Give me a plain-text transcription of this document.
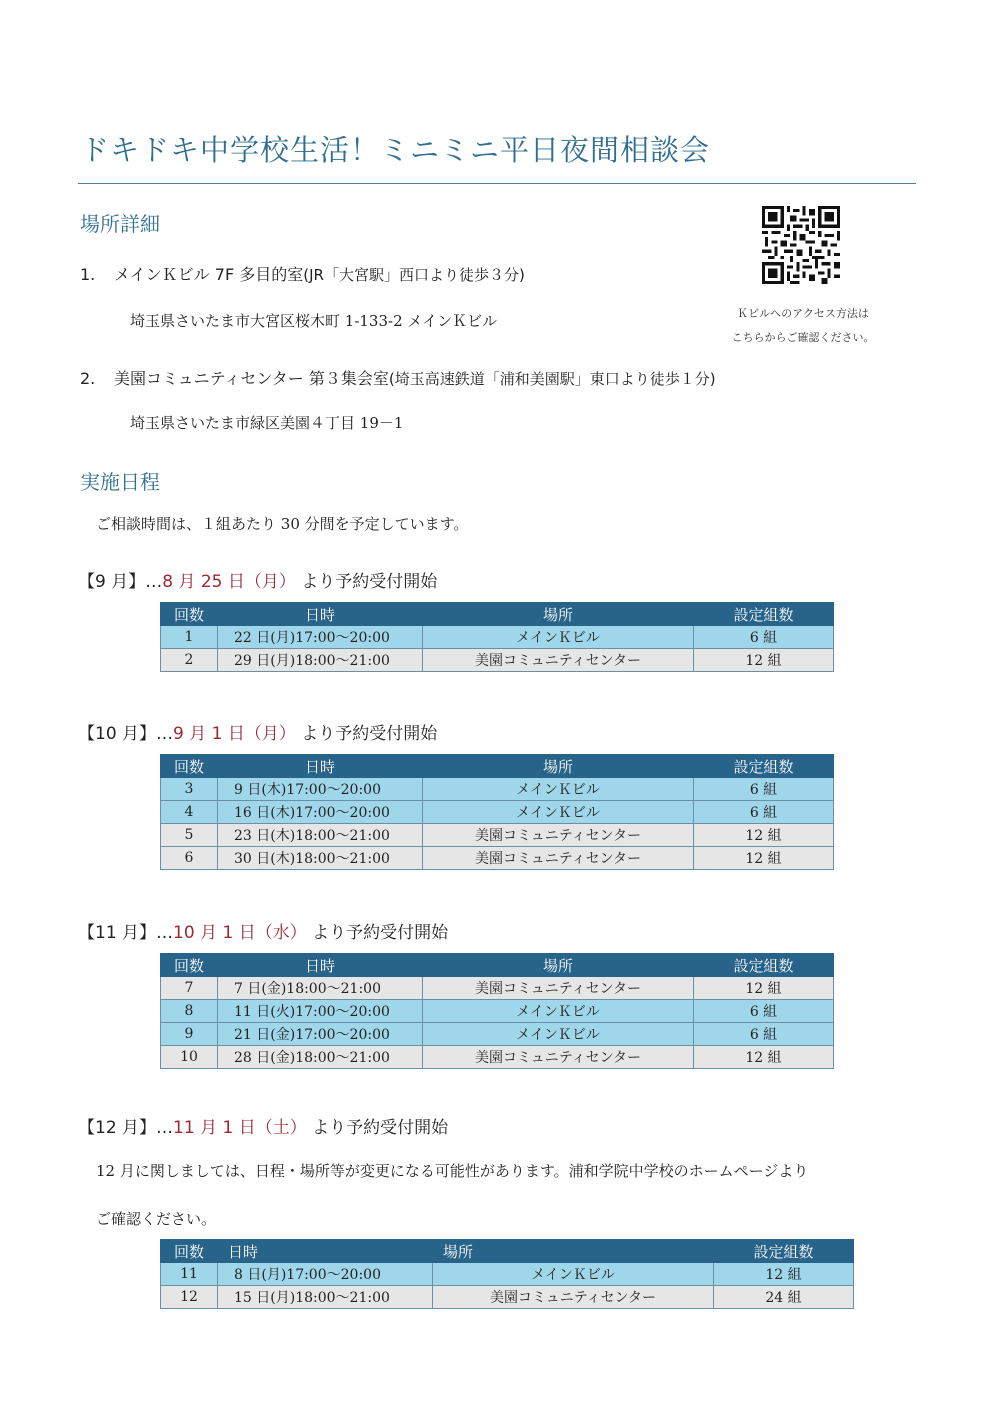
ドキドキ中学校生活！ミニミニ平日夜間相談会
場所詳細
1. メインＫビル 7F 多目的室(JR「大宮駅」西口より徒歩３分)
埼玉県さいたま市大宮区桜木町 1-133-2 メインＫビル
2. 美園コミュニティセンター 第３集会室(埼玉高速鉄道「浦和美園駅」東口より徒歩１分)
埼玉県さいたま市緑区美園４丁目 19－1
Ｋビルへのアクセス方法は
こちらからご確認ください。
実施日程
ご相談時間は、１組あたり 30 分間を予定しています。
【9 月】…8 月 25 日（月） より予約受付開始
回数	日時	場所	設定組数
1	22 日(月)17:00～20:00	メインＫビル	6 組
2	29 日(月)18:00～21:00	美園コミュニティセンター	12 組
【10 月】…9 月 1 日（月） より予約受付開始
回数	日時	場所	設定組数
3	9 日(木)17:00～20:00	メインＫビル	6 組
4	16 日(木)17:00～20:00	メインＫビル	6 組
5	23 日(木)18:00～21:00	美園コミュニティセンター	12 組
6	30 日(木)18:00～21:00	美園コミュニティセンター	12 組
【11 月】…10 月 1 日（水） より予約受付開始
回数	日時	場所	設定組数
7	7 日(金)18:00～21:00	美園コミュニティセンター	12 組
8	11 日(火)17:00～20:00	メインＫビル	6 組
9	21 日(金)17:00～20:00	メインＫビル	6 組
10	28 日(金)18:00～21:00	美園コミュニティセンター	12 組
【12 月】…11 月 1 日（土） より予約受付開始
12 月に関しましては、日程・場所等が変更になる可能性があります。浦和学院中学校のホームページより
ご確認ください。
回数	日時	場所	設定組数
11	8 日(月)17:00～20:00	メインＫビル	12 組
12	15 日(月)18:00～21:00	美園コミュニティセンター	24 組
